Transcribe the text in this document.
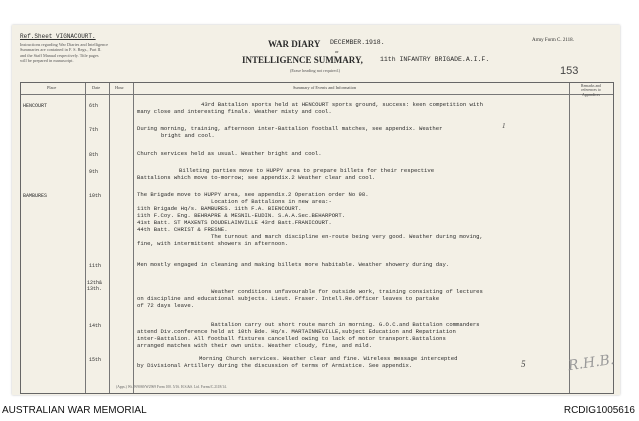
Ref.Sheet VIGNACOURT.
Instructions regarding War Diaries and Intelligence
Summaries are contained in F. S. Regs., Part II.
and the Staff Manual respectively. Title pages
will be prepared in manuscript.
WAR DIARY DECEMBER.1918.
or
INTELLIGENCE SUMMARY,	11th INFANTRY BRIGADE.A.I.F.
(Erase heading not required.)
Army Form C. 2118.
153
Place	Date	Hour	Summary of Events and Information	Remarks and
references to
Appendices
HENCOURT	6th	43rd Battalion sports held at HENCOURT sports ground, success: keen competition with
many close and interesting finals. Weather misty and cool.
7th	During morning, training, afternoon inter-Battalion football matches, see appendix. Weather
bright and cool.
1
8th	Church services held as usual. Weather bright and cool.
9th	Billeting parties move to HUPPY area to prepare billets for their respective
Battalions which move to-morrow; see appendix.2 Weather clear and cool.
BAMBURES	10th	The Brigade move to HUPPY area, see appendix.2 Operation order No 98.
Location of Battalions in new area:-
11th Brigade Hq/s. BAMBURES. 11th F.A. BIENCOURT.
11th F.Coy. Eng. BEHRAPRE & MESNIL-EUDIN. S.A.A.Sec.BEHARPORT.
41st Batt. ST MAXENTS DOUDELAINVILLE 43rd Batt.FRANICOURT.
44th Batt. CHRIST & FRESNE.
The turnout and march discipline en-route being very good. Weather during moving,
fine, with intermittent showers in afternoon.
11th	Men mostly engaged in cleaning and making billets more habitable. Weather showery during day.
12th& 13th.	Weather conditions unfavourable for outside work, training consisting of lectures
on discipline and educational subjects. Lieut. Fraser. Intell.Re.Officer leaves to partake
of 72 days leave.
14th	Battalion carry out short route march in morning. G.O.C.and Battalion commanders
attend Div.conference held at 10th Bde. Hq/s. MARTAINNEVILLE,subject Education and Repatriation
inter-Battalion. All football fixtures cancelled owing to lack of motor transport.Battalions
arranged matches with their own units. Weather cloudy, fine, and mild.
15th	Morning Church services. Weather clear and fine. Wireless message intercepted
by Divisional Artillery during the discussion of terms of Armistice. See appendix.	5	R.H.B.
(Apps.) Wt. W9069/W2969 Form 100. 5/16. H.S.&S. Ltd. Forms/C.2118/14.
AUSTRALIAN WAR MEMORIAL	RCDIG1005616
